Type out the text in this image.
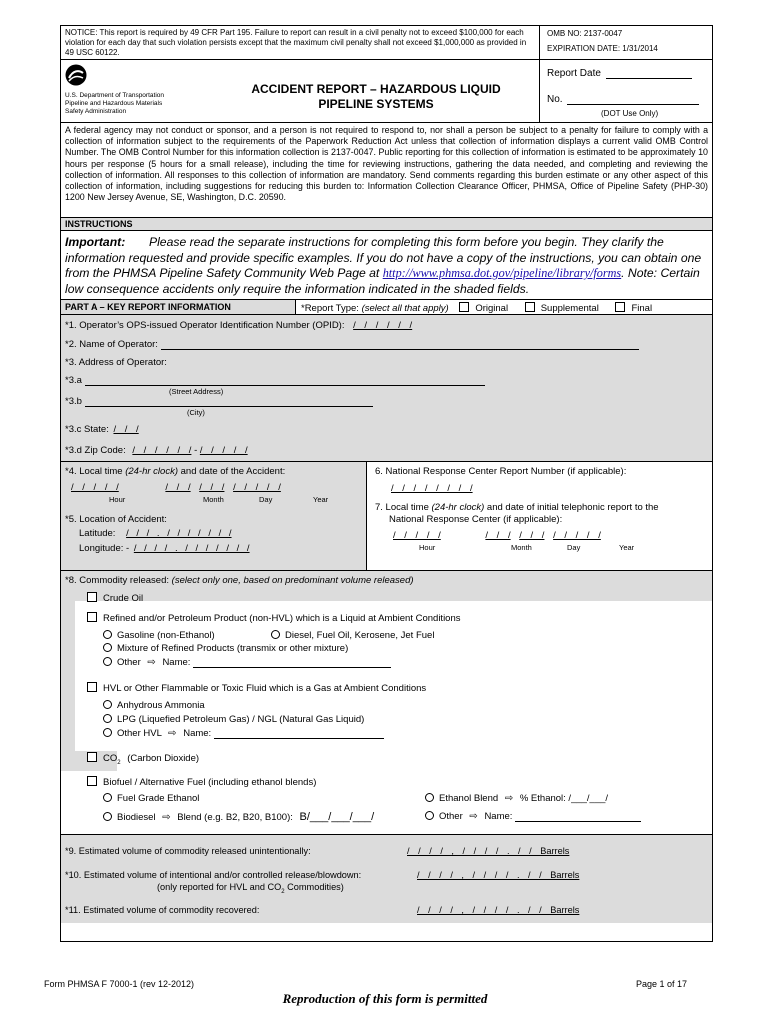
NOTICE: This report is required by 49 CFR Part 195. Failure to report can result in a civil penalty not to exceed $100,000 for each violation for each day that such violation persists except that the maximum civil penalty shall not exceed $1,000,000 as provided in 49 USC 60122.
OMB NO: 2137-0047
EXPIRATION DATE: 1/31/2014
U.S. Department of Transportation
Pipeline and Hazardous Materials
Safety Administration
ACCIDENT REPORT – HAZARDOUS LIQUID
PIPELINE SYSTEMS
Report Date
No.
(DOT Use Only)
A federal agency may not conduct or sponsor, and a person is not required to respond to, nor shall a person be subject to a penalty for failure to comply with a collection of information subject to the requirements of the Paperwork Reduction Act unless that collection of information displays a current valid OMB Control Number. The OMB Control Number for this information collection is 2137-0047. Public reporting for this collection of information is estimated to be approximately 10 hours per response (5 hours for a small release), including the time for reviewing instructions, gathering the data needed, and completing and reviewing the collection of information. All responses to this collection of information are mandatory. Send comments regarding this burden estimate or any other aspect of this collection of information, including suggestions for reducing this burden to: Information Collection Clearance Officer, PHMSA, Office of Pipeline Safety (PHP-30) 1200 New Jersey Avenue, SE, Washington, D.C. 20590.
INSTRUCTIONS
Important: Please read the separate instructions for completing this form before you begin. They clarify the information requested and provide specific examples. If you do not have a copy of the instructions, you can obtain one from the PHMSA Pipeline Safety Community Web Page at http://www.phmsa.dot.gov/pipeline/library/forms. Note: Certain low consequence accidents only require the information indicated in the shaded fields.
PART A – KEY REPORT INFORMATION	*Report Type: (select all that apply)	Original	Supplemental	Final
*1. Operator’s OPS-issued Operator Identification Number (OPID): / / / / / /
*2. Name of Operator:
*3. Address of Operator:
*3.a
(Street Address)
*3.b
(City)
*3.c State: / / /
*3.d Zip Code: / / / / / / - / / / / /
*4. Local time (24-hr clock) and date of the Accident:
/ / / / /	/ / / / / / / / / / /
Hour	Month	Day	Year
*5. Location of Accident:
Latitude: / / / . / / / / / / /
Longitude: - / / / / . / / / / / / /
6. National Response Center Report Number (if applicable):
/ / / / / / / /
7. Local time (24-hr clock) and date of initial telephonic report to the
National Response Center (if applicable):
/ / / / /	/ / / / / / / / / / /
Hour	Month	Day	Year
*8. Commodity released: (select only one, based on predominant volume released)
Crude Oil
Refined and/or Petroleum Product (non-HVL) which is a Liquid at Ambient Conditions
Gasoline (non-Ethanol)	Diesel, Fuel Oil, Kerosene, Jet Fuel
Mixture of Refined Products (transmix or other mixture)
Other ⇨ Name:
HVL or Other Flammable or Toxic Fluid which is a Gas at Ambient Conditions
Anhydrous Ammonia
LPG (Liquefied Petroleum Gas) / NGL (Natural Gas Liquid)
Other HVL ⇨ Name:
$CO_2$ (Carbon Dioxide)
Biofuel / Alternative Fuel (including ethanol blends)
Fuel Grade Ethanol	Ethanol Blend ⇨ % Ethanol: /___/___/
Biodiesel ⇨ Blend (e.g. B2, B20, B100): B/___/___/___/	Other ⇨ Name:
*9. Estimated volume of commodity released unintentionally:	/ / / / , / / / / . / / Barrels
*10. Estimated volume of intentional and/or controlled release/blowdown:
(only reported for HVL and $CO_2$ Commodities)
/ / / / , / / / / . / / Barrels
*11. Estimated volume of commodity recovered:	/ / / / , / / / / . / / Barrels
Form PHMSA F 7000-1 (rev 12-2012)	Page 1 of 17
Reproduction of this form is permitted
